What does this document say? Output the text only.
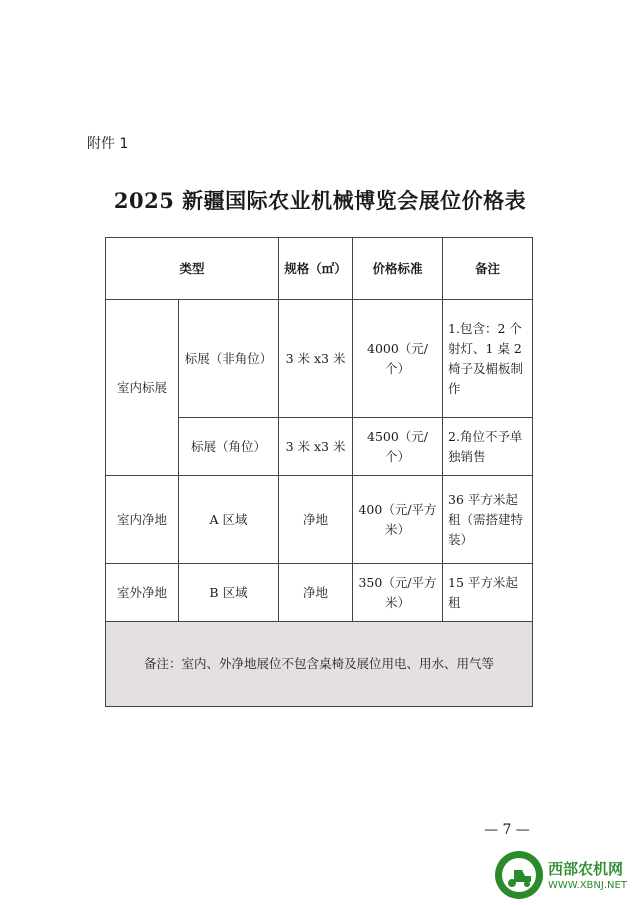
附件 1
2025 新疆国际农业机械博览会展位价格表
类型		规格（㎡）	价格标准	备注
室内标展	标展（非角位）	3 米 x3 米	4000（元/个）	1.包含：2 个射灯、1 桌 2 椅子及楣板制作
	标展（角位）	3 米 x3 米	4500（元/个）	2.角位不予单独销售
室内净地	A 区域	净地	400（元/平方米）	36 平方米起租（需搭建特装）
室外净地	B 区域	净地	350（元/平方米）	15 平方米起租
备注：室内、外净地展位不包含桌椅及展位用电、用水、用气等				
— 7 —
西部农机网
WWW.XBNJ.NET
